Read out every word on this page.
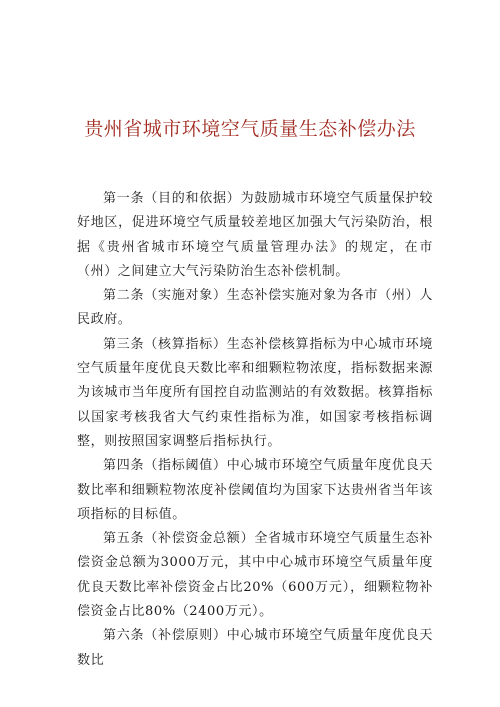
贵州省城市环境空气质量生态补偿办法

第一条（目的和依据）为鼓励城市环境空气质量保护较好地区，促进环境空气质量较差地区加强大气污染防治，根据《贵州省城市环境空气质量管理办法》的规定，在市（州）之间建立大气污染防治生态补偿机制。

第二条（实施对象）生态补偿实施对象为各市（州）人民政府。

第三条（核算指标）生态补偿核算指标为中心城市环境空气质量年度优良天数比率和细颗粒物浓度，指标数据来源为该城市当年度所有国控自动监测站的有效数据。核算指标以国家考核我省大气约束性指标为准，如国家考核指标调整，则按照国家调整后指标执行。

第四条（指标阈值）中心城市环境空气质量年度优良天数比率和细颗粒物浓度补偿阈值均为国家下达贵州省当年该项指标的目标值。

第五条（补偿资金总额）全省城市环境空气质量生态补偿资金总额为3000万元，其中中心城市环境空气质量年度优良天数比率补偿资金占比20%（600万元），细颗粒物补偿资金占比80%（2400万元）。

第六条（补偿原则）中心城市环境空气质量年度优良天数比
